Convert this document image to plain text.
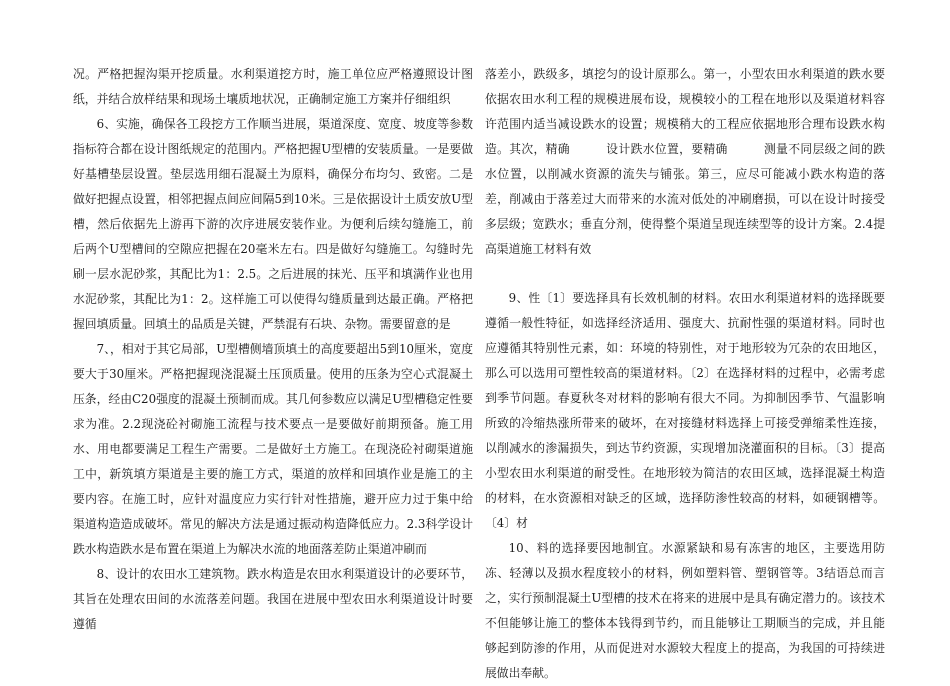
况。严格把握沟渠开挖质量。水利渠道挖方时，施工单位应严格遵照设计图纸，并结合放样结果和现场土壤质地状况，正确制定施工方案并仔细组织

6、实施，确保各工段挖方工作顺当进展，渠道深度、宽度、坡度等参数指标符合都在设计图纸规定的范围内。严格把握U型槽的安装质量。一是要做好基槽垫层设置。垫层选用细石混凝土为原料，确保分布均匀、致密。二是做好把握点设置，相邻把握点间应间隔5到10米。三是依据设计土质安放U型槽，然后依据先上游再下游的次序进展安装作业。为便利后续勾缝施工，前后两个U型槽间的空隙应把握在20毫米左右。四是做好勾缝施工。勾缝时先刷一层水泥砂浆，其配比为1：2.5。之后进展的抹光、压平和填满作业也用水泥砂浆，其配比为1：2。这样施工可以使得勾缝质量到达最正确。严格把握回填质量。回填土的品质是关键，严禁混有石块、杂物。需要留意的是

7、，相对于其它局部，U型槽侧墙顶填土的高度要超出5到10厘米，宽度要大于30厘米。严格把握现浇混凝土压顶质量。使用的压条为空心式混凝土压条，经由C20强度的混凝土预制而成。其几何参数应以满足U型槽稳定性要求为准。2.2现浇砼衬砌施工流程与技术要点一是要做好前期预备。施工用水、用电都要满足工程生产需要。二是做好土方施工。在现浇砼衬砌渠道施工中，新筑填方渠道是主要的施工方式，渠道的放样和回填作业是施工的主要内容。在施工时，应针对温度应力实行针对性措施，避开应力过于集中给渠道构造造成破坏。常见的解决方法是通过振动构造降低应力。2.3科学设计跌水构造跌水是布置在渠道上为解决水流的地面落差防止渠道冲刷而

8、设计的农田水工建筑物。跌水构造是农田水利渠道设计的必要环节，其旨在处理农田间的水流落差问题。我国在进展中型农田水利渠道设计时要遵循

落差小，跌级多，填挖匀的设计原那么。第一，小型农田水利渠道的跌水要依据农田水利工程的规模进展布设，规模较小的工程在地形以及渠道材料容许范围内适当减设跌水的设置；规模稍大的工程应依据地形合理布设跌水构造。其次，精确　　　设计跌水位置，要精确　　　测量不同层级之间的跌水位置，以削减水资源的流失与铺张。第三，应尽可能减小跌水构造的落差，削减由于落差过大而带来的水流对低处的冲刷磨损，可以在设计时接受多层级；宽跌水；垂直分剂，使得整个渠道呈现连续型等的设计方案。2.4提高渠道施工材料有效

9、性〔1〕要选择具有长效机制的材料。农田水利渠道材料的选择既要遵循一般性特征，如选择经济适用、强度大、抗耐性强的渠道材料。同时也应遵循其特别性元素，如：环境的特别性，对于地形较为冗杂的农田地区，那么可以选用可塑性较高的渠道材料。〔2〕在选择材料的过程中，必需考虑到季节问题。春夏秋冬对材料的影响有很大不同。为抑制因季节、气温影响所致的冷缩热涨所带来的破坏，在对接缝材料选择上可接受弹缩柔性连接，以削减水的渗漏损失，到达节约资源，实现增加浇灌面积的目标。〔3〕提高小型农田水利渠道的耐受性。在地形较为简洁的农田区域，选择混凝土构造的材料，在水资源相对缺乏的区域，选择防渗性较高的材料，如硬钢槽等。〔4〕材

10、料的选择要因地制宜。水源紧缺和易有冻害的地区，主要选用防冻、轻薄以及损水程度较小的材料，例如塑料管、塑钢管等。3结语总而言之，实行预制混凝土U型槽的技术在将来的进展中是具有确定潜力的。该技术不但能够让施工的整体本钱得到节约，而且能够让工期顺当的完成，并且能够起到防渗的作用，从而促进对水源较大程度上的提高，为我国的可持续进展做出奉献。
